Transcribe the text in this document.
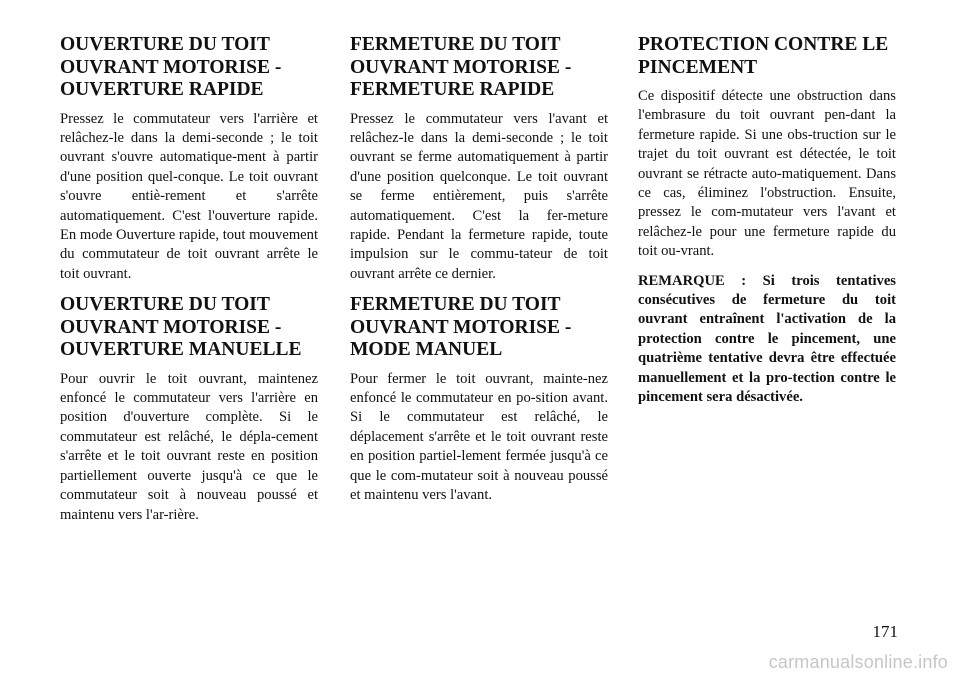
OUVERTURE DU TOIT OUVRANT MOTORISE - OUVERTURE RAPIDE

Pressez le commutateur vers l'arrière et relâchez-le dans la demi-seconde ; le toit ouvrant s'ouvre automatique-ment à partir d'une position quel-conque. Le toit ouvrant s'ouvre entiè-rement et s'arrête automatiquement. C'est l'ouverture rapide. En mode Ouverture rapide, tout mouvement du commutateur de toit ouvrant arrête le toit ouvrant.

OUVERTURE DU TOIT OUVRANT MOTORISE - OUVERTURE MANUELLE

Pour ouvrir le toit ouvrant, maintenez enfoncé le commutateur vers l'arrière en position d'ouverture complète. Si le commutateur est relâché, le dépla-cement s'arrête et le toit ouvrant reste en position partiellement ouverte jusqu'à ce que le commutateur soit à nouveau poussé et maintenu vers l'ar-rière.

FERMETURE DU TOIT OUVRANT MOTORISE - FERMETURE RAPIDE

Pressez le commutateur vers l'avant et relâchez-le dans la demi-seconde ; le toit ouvrant se ferme automatiquement à partir d'une position quelconque. Le toit ouvrant se ferme entièrement, puis s'arrête automatiquement. C'est la fer-meture rapide. Pendant la fermeture rapide, toute impulsion sur le commu-tateur de toit ouvrant arrête ce dernier.

FERMETURE DU TOIT OUVRANT MOTORISE - MODE MANUEL

Pour fermer le toit ouvrant, mainte-nez enfoncé le commutateur en po-sition avant. Si le commutateur est relâché, le déplacement s'arrête et le toit ouvrant reste en position partiel-lement fermée jusqu'à ce que le com-mutateur soit à nouveau poussé et maintenu vers l'avant.

PROTECTION CONTRE LE PINCEMENT

Ce dispositif détecte une obstruction dans l'embrasure du toit ouvrant pen-dant la fermeture rapide. Si une obs-truction sur le trajet du toit ouvrant est détectée, le toit ouvrant se rétracte auto-matiquement. Dans ce cas, éliminez l'obstruction. Ensuite, pressez le com-mutateur vers l'avant et relâchez-le pour une fermeture rapide du toit ou-vrant.

REMARQUE : Si trois tentatives consécutives de fermeture du toit ouvrant entraînent l'activation de la protection contre le pincement, une quatrième tentative devra être effectuée manuellement et la pro-tection contre le pincement sera désactivée.

171
carmanualsonline.info
